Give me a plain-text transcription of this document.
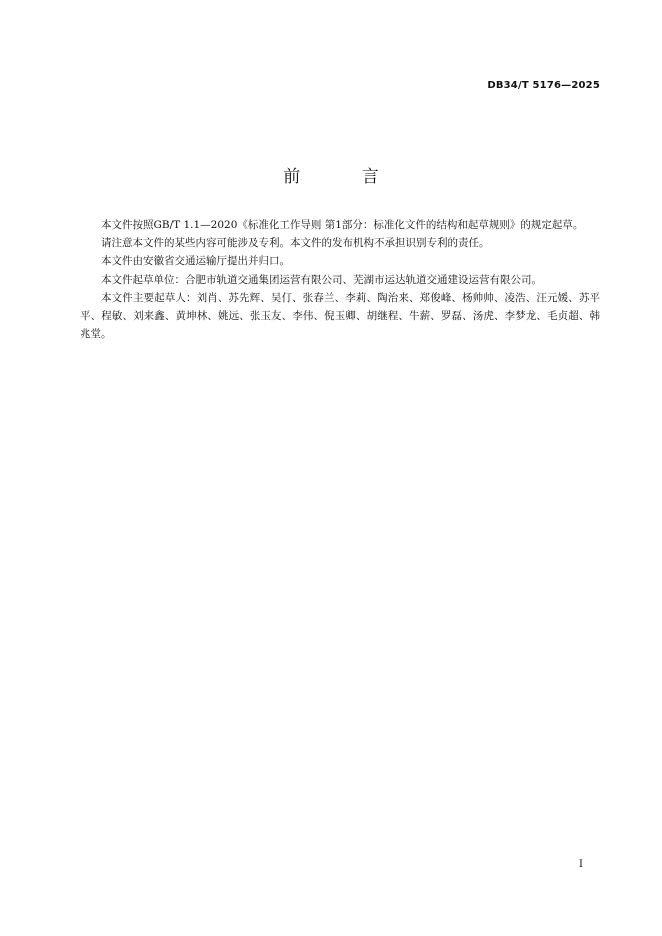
DB34/T 5176—2025
前 言

本文件按照GB/T 1.1—2020《标准化工作导则 第1部分：标准化文件的结构和起草规则》的规定起草。

请注意本文件的某些内容可能涉及专利。本文件的发布机构不承担识别专利的责任。

本文件由安徽省交通运输厅提出并归口。

本文件起草单位：合肥市轨道交通集团运营有限公司、芜湖市运达轨道交通建设运营有限公司。

本文件主要起草人：刘肖、苏先辉、吴仃、张春兰、李莉、陶治来、郑俊峰、杨帅帅、凌浩、汪元媛、苏平平、程敏、刘来鑫、黄坤林、姚远、张玉友、李伟、倪玉卿、胡继程、牛薪、罗磊、汤虎、李梦龙、毛贞超、韩兆堂。

I
